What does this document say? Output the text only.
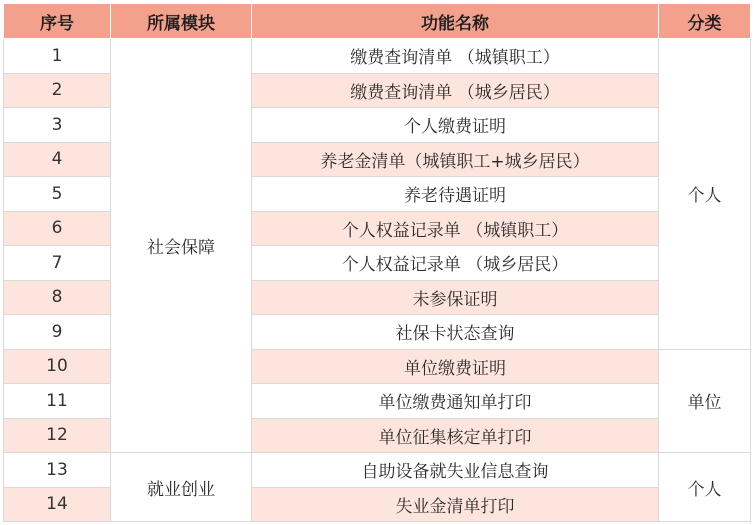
序号	所属模块	功能名称	分类
1	社会保障	缴费查询清单 （城镇职工）	个人
2		缴费查询清单 （城乡居民）	
3		个人缴费证明	
4		养老金清单（城镇职工+城乡居民）	
5		养老待遇证明	
6		个人权益记录单 （城镇职工）	
7		个人权益记录单 （城乡居民）	
8		未参保证明	
9		社保卡状态查询	
10		单位缴费证明	单位
11		单位缴费通知单打印	
12		单位征集核定单打印	
13	就业创业	自助设备就失业信息查询	个人
14		失业金清单打印	
